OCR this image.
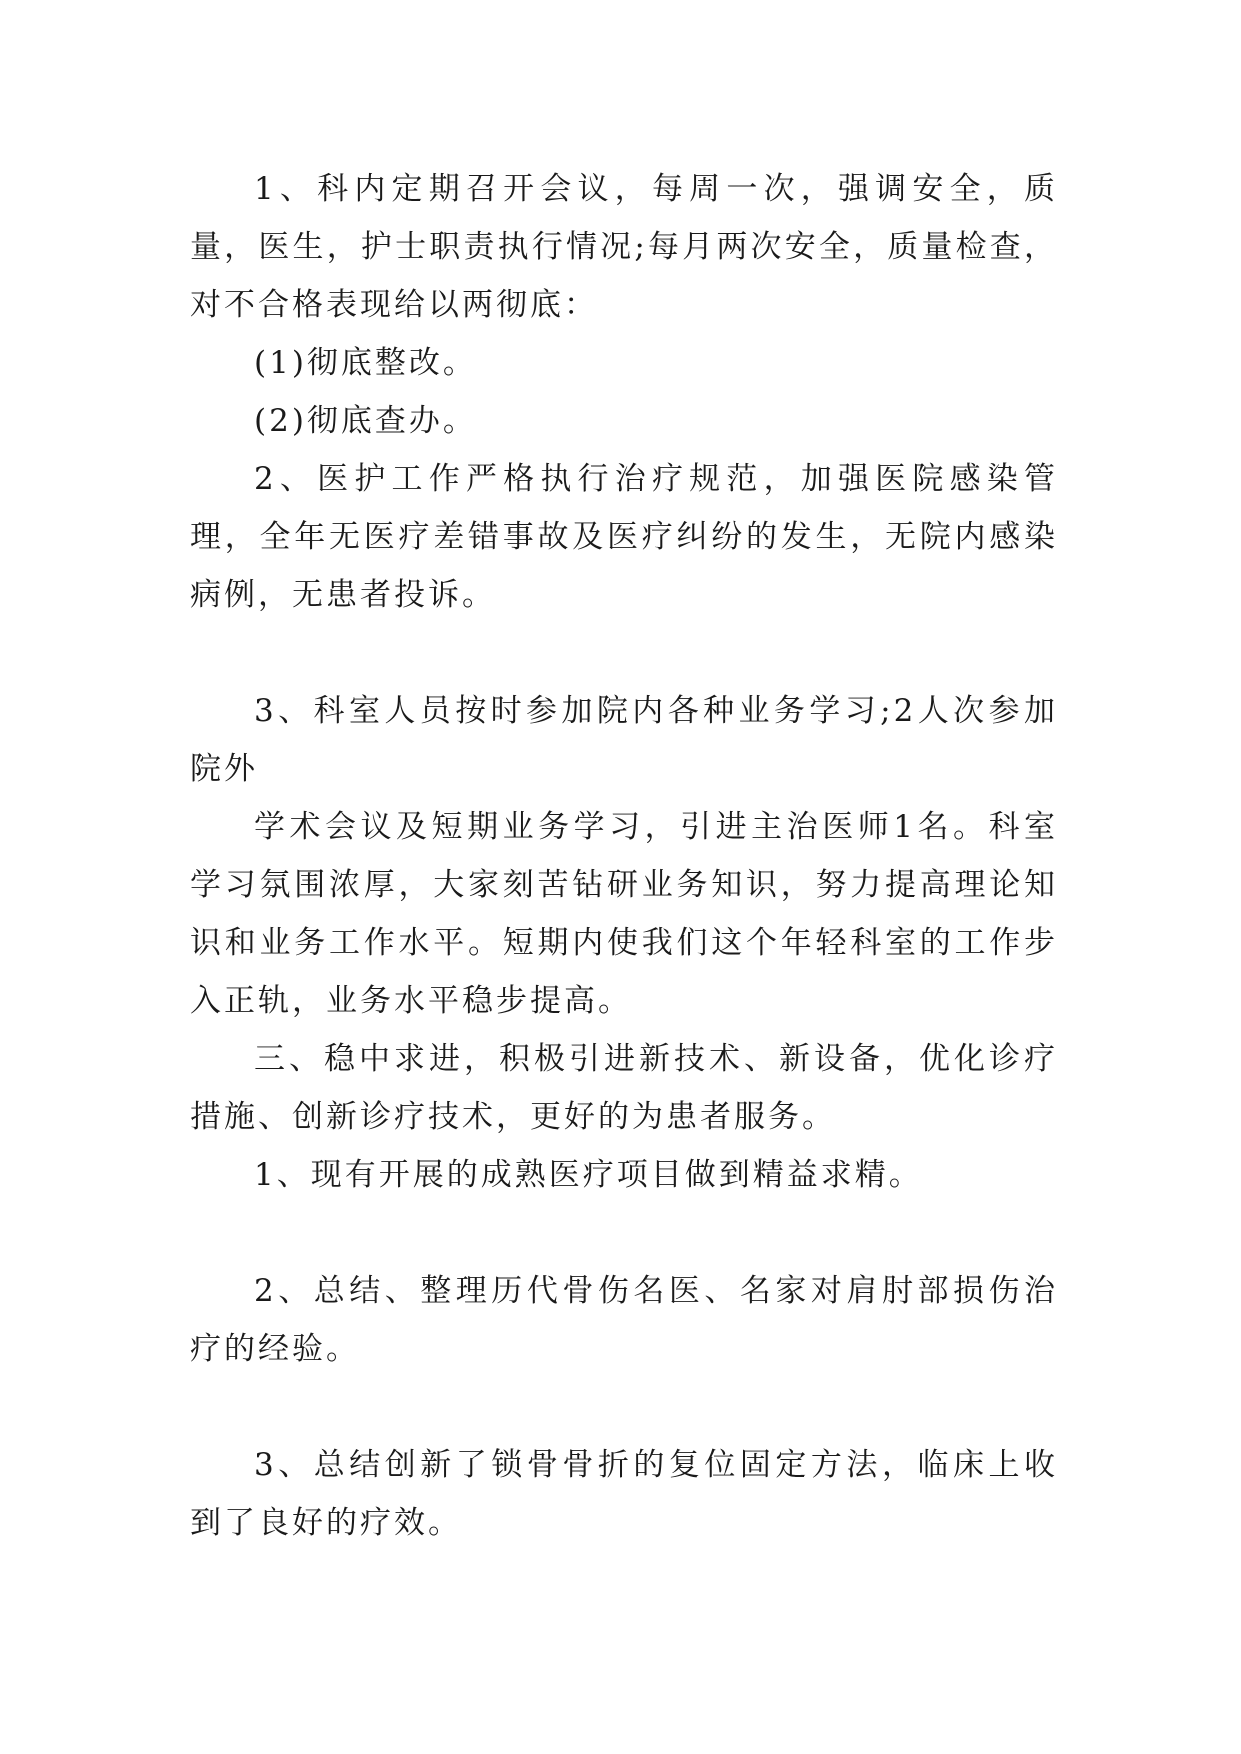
1、科内定期召开会议，每周一次，强调安全，质量，医生，护士职责执行情况;每月两次安全，质量检查，对不合格表现给以两彻底：

(1)彻底整改。

(2)彻底查办。

2、医护工作严格执行治疗规范，加强医院感染管理，全年无医疗差错事故及医疗纠纷的发生，无院内感染病例，无患者投诉。

3、科室人员按时参加院内各种业务学习;2人次参加院外

学术会议及短期业务学习，引进主治医师1名。科室学习氛围浓厚，大家刻苦钻研业务知识，努力提高理论知识和业务工作水平。短期内使我们这个年轻科室的工作步入正轨，业务水平稳步提高。

三、稳中求进，积极引进新技术、新设备，优化诊疗措施、创新诊疗技术，更好的为患者服务。

1、现有开展的成熟医疗项目做到精益求精。

2、总结、整理历代骨伤名医、名家对肩肘部损伤治疗的经验。

3、总结创新了锁骨骨折的复位固定方法，临床上收到了良好的疗效。
